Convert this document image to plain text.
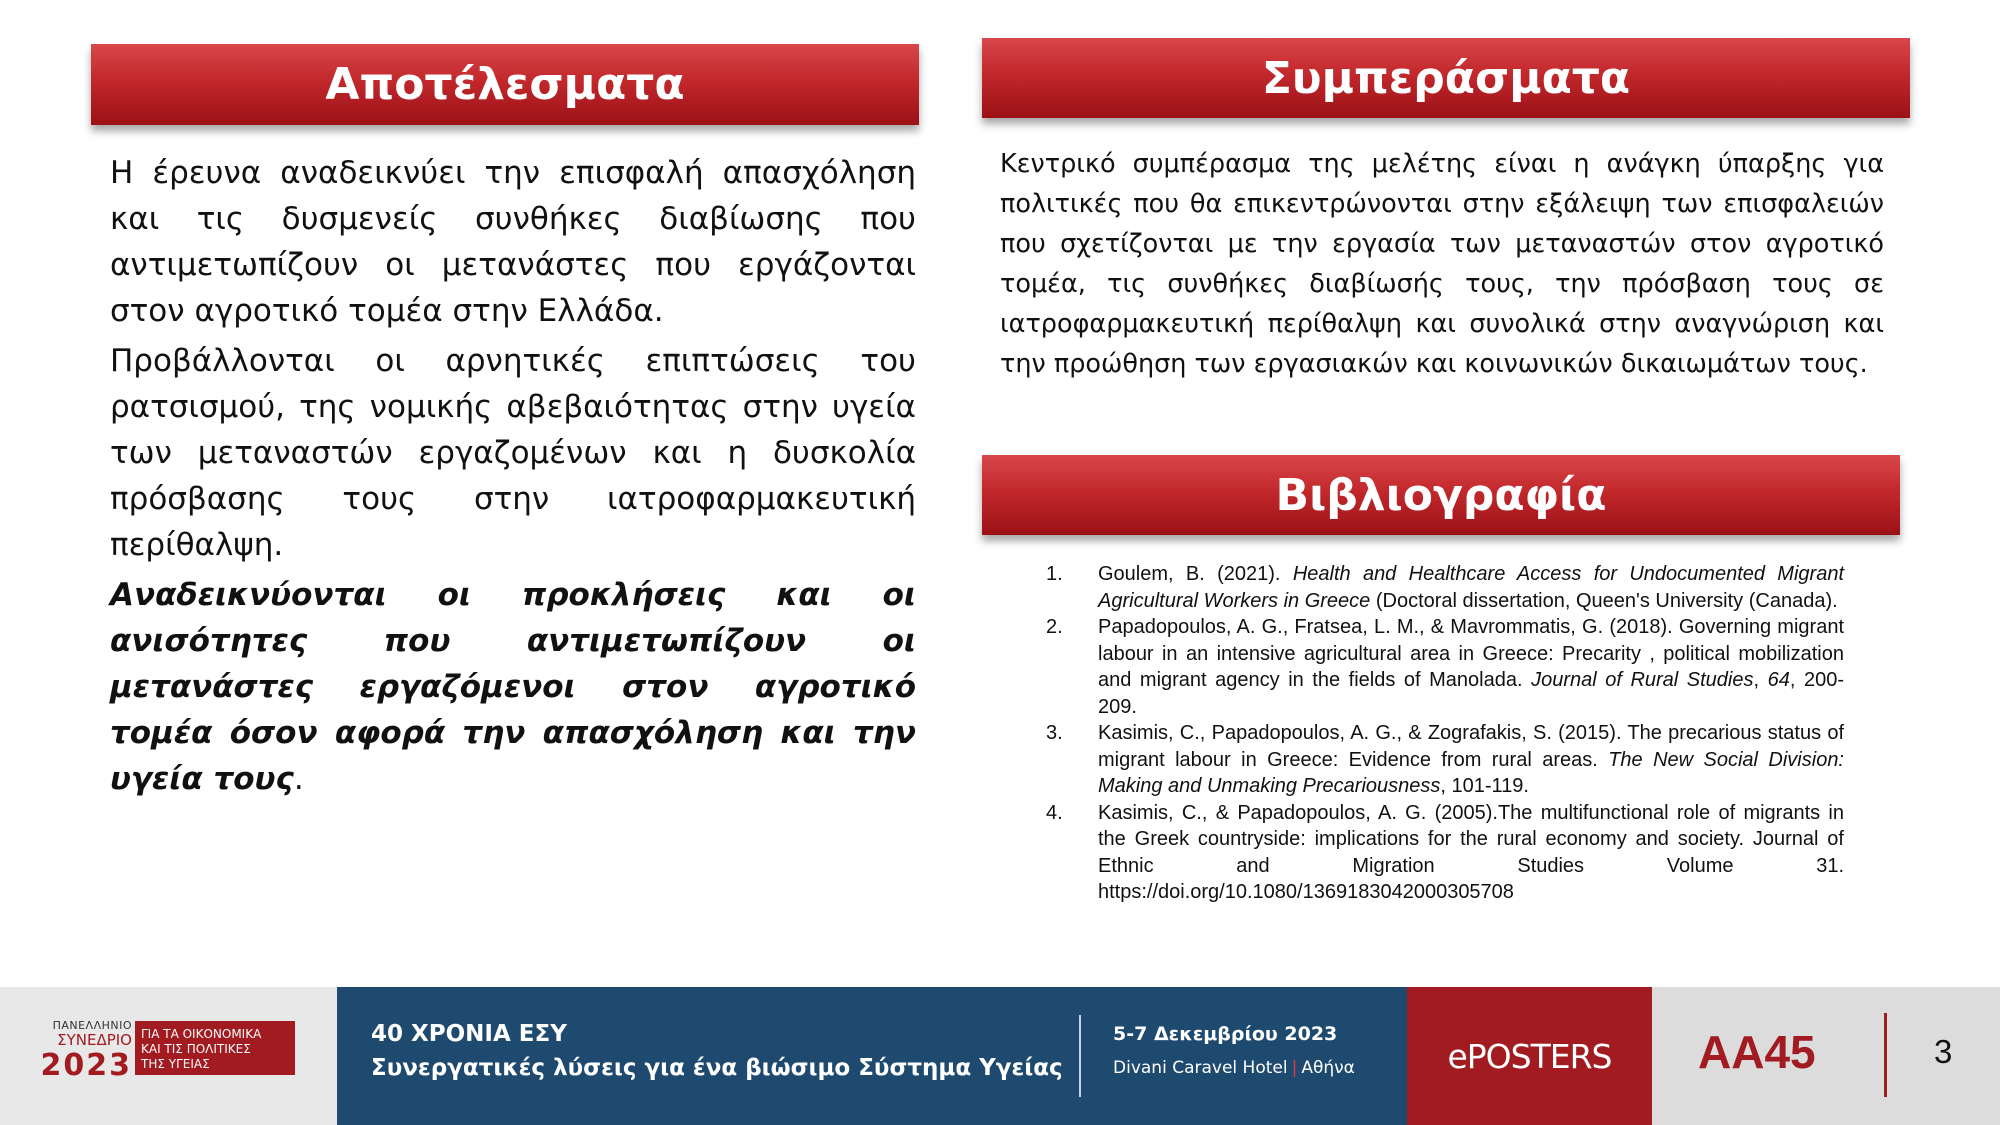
Αποτέλεσματα

Η έρευνα αναδεικνύει την επισφαλή απασχόληση και τις δυσμενείς συνθήκες διαβίωσης που αντιμετωπίζουν οι μετανάστες που εργάζονται στον αγροτικό τομέα στην Ελλάδα.

Προβάλλονται οι αρνητικές επιπτώσεις του ρατσισμού, της νομικής αβεβαιότητας στην υγεία των μεταναστών εργαζομένων και η δυσκολία πρόσβασης τους στην ιατροφαρμακευτική περίθαλψη.

Αναδεικνύονται οι προκλήσεις και οι ανισότητες που αντιμετωπίζουν οι μετανάστες εργαζόμενοι στον αγροτικό τομέα όσον αφορά την απασχόληση και την υγεία τους.

Συμπεράσματα

Κεντρικό συμπέρασμα της μελέτης είναι η ανάγκη ύπαρξης για πολιτικές που θα επικεντρώνονται στην εξάλειψη των επισφαλειών που σχετίζονται με την εργασία των μεταναστών στον αγροτικό τομέα, τις συνθήκες διαβίωσής τους, την πρόσβαση τους σε ιατροφαρμακευτική περίθαλψη και συνολικά στην αναγνώριση και την προώθηση των εργασιακών και κοινωνικών δικαιωμάτων τους.

Βιβλιογραφία
1. Goulem, B. (2021). Health and Healthcare Access for Undocumented Migrant Agricultural Workers in Greece (Doctoral dissertation, Queen's University (Canada).
2. Papadopoulos, A. G., Fratsea, L. M., & Mavrommatis, G. (2018). Governing migrant labour in an intensive agricultural area in Greece: Precarity , political mobilization and migrant agency in the fields of Manolada. Journal of Rural Studies, 64, 200-209.
3. Kasimis, C., Papadopoulos, A. G., & Zografakis, S. (2015). The precarious status of migrant labour in Greece: Evidence from rural areas. The New Social Division: Making and Unmaking Precariousness, 101-119.
4. Kasimis, C., & Papadopoulos, A. G. (2005).The multifunctional role of migrants in the Greek countryside: implications for the rural economy and society. Journal of Ethnic and Migration Studies Volume 31. https://doi.org/10.1080/1369183042000305708
ΠΑΝΕΛΛΗΝΙΟ
ΣΥΝΕΔΡΙΟ
2023
ΓΙΑ ΤΑ ΟΙΚΟΝΟΜΙΚΑ
ΚΑΙ ΤΙΣ ΠΟΛΙΤΙΚΕΣ
ΤΗΣ ΥΓΕΙΑΣ
40 ΧΡΟΝΙΑ ΕΣΥ
Συνεργατικές λύσεις για ένα βιώσιμο Σύστημα Υγείας
5-7 Δεκεμβρίου 2023
Divani Caravel Hotel | Αθήνα	ePOSTERS	AA45	3
